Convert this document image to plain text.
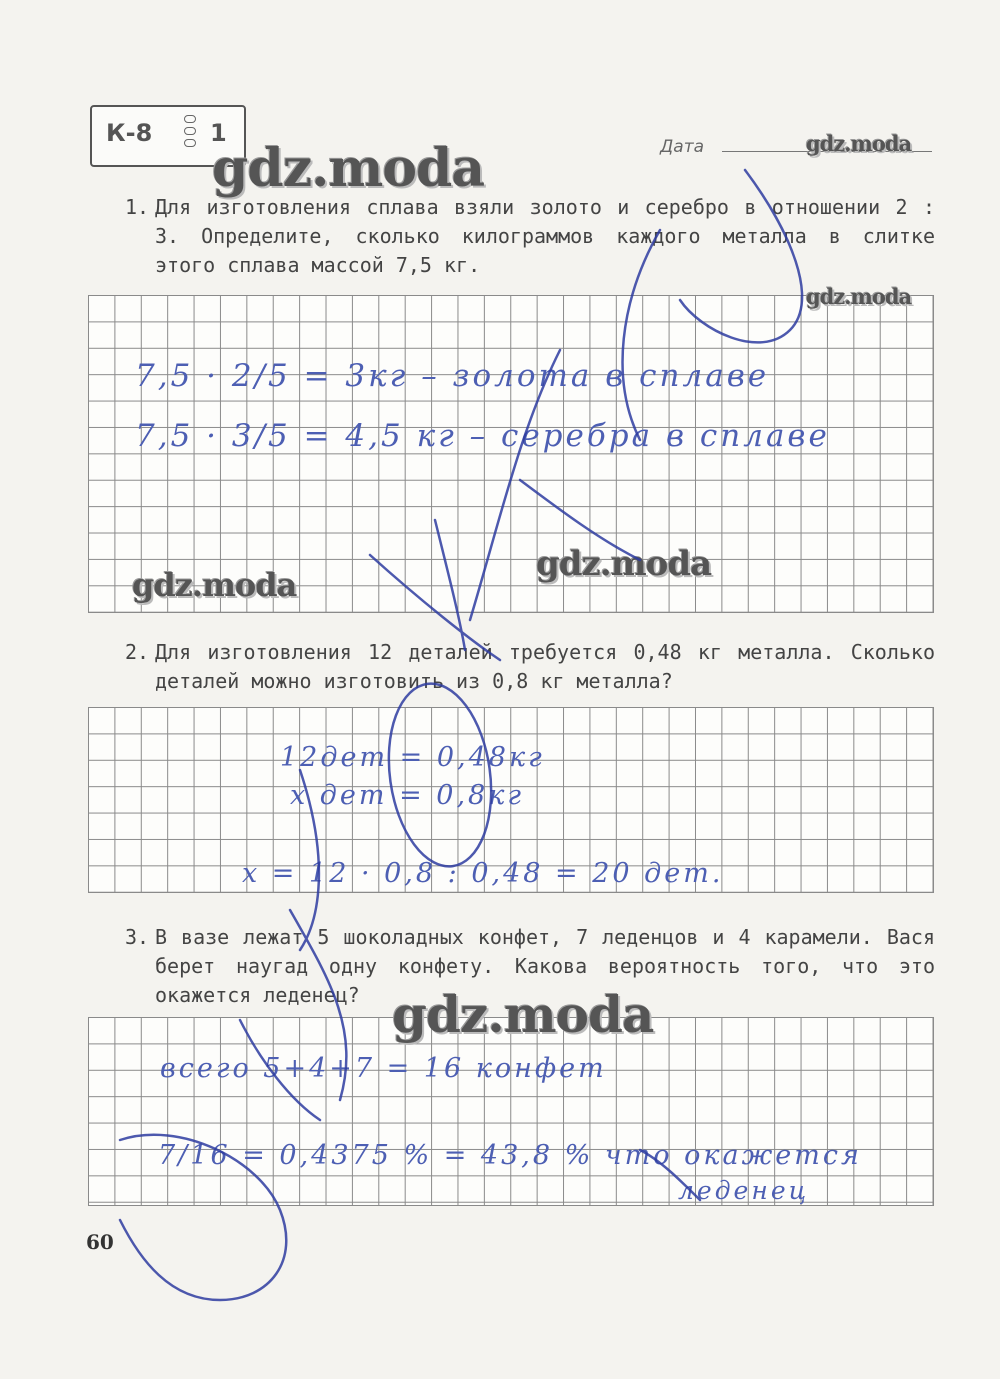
К-8 1	Дата
1. Для изготовления сплава взяли золото и серебро в отношении 2 : 3. Определите, сколько килограммов каждого металла в слитке этого сплава массой 7,5 кг.
7,5 · 2/5 = 3кг – золота в сплаве
7,5 · 3/5 = 4,5 кг – серебра в сплаве
2. Для изготовления 12 деталей требуется 0,48 кг металла. Сколько деталей можно изготовить из 0,8 кг металла?
12дет = 0,48кг
x дет = 0,8кг
x = 12 · 0,8 : 0,48 = 20 дет.
3. В вазе лежат 5 шоколадных конфет, 7 леденцов и 4 карамели. Вася берет наугад одну конфету. Какова вероятность того, что это окажется леденец?
всего 5+4+7 = 16 конфет
7/16 = 0,4375 % = 43,8 % что окажется
леденец
gdz.moda	gdz.moda
gdz.moda
gdz.moda
gdz.moda
gdz.moda
60
